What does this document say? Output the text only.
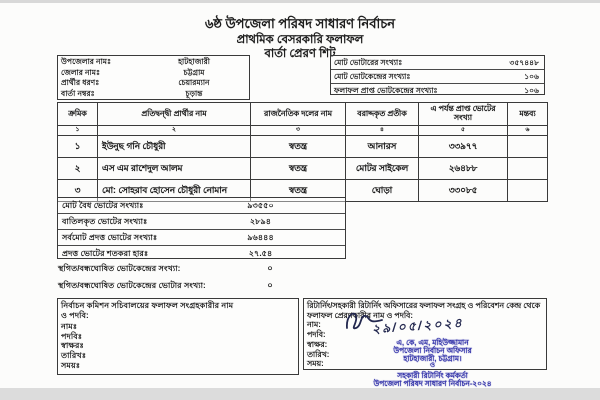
৬ষ্ঠ উপজেলা পরিষদ সাধারণ নির্বাচন
প্রাথমিক বেসরকারি ফলাফল
বার্তা প্রেরণ শিট
উপজেলার নামঃ	হাটহাজারী
জেলার নামঃ	চট্টগ্রাম
প্রার্থীর ধরণঃ	চেয়ারম্যান
বার্তা নম্বরঃ	চূড়ান্ত
মোট ভোটারের সংখ্যাঃ	৩৫৭৪৪৮
মোট ভোটকেন্দ্রের সংখ্যাঃ	১০৬
ফলাফল প্রাপ্ত ভোটকেন্দ্রের সংখ্যাঃ	১০৬
ক্রমিক	প্রতিদ্বন্দ্বী প্রার্থীর নাম	রাজনৈতিক দলের নাম	বরাদ্দকৃত প্রতীক	এ পর্যন্ত প্রাপ্ত ভোটের সংখ্যা	মন্তব্য
১	২	৩	৪	৫	৬
১	ইউনুছ গনি চৌধুরী	স্বতন্ত্র	আনারস	৩৩৯৭৭	
২	এস এম রাশেদুল আলম	স্বতন্ত্র	মোটর সাইকেল	২৬৪৮৮	
৩	মো: সোহরাব হোসেন চৌধুরী নোমান	স্বতন্ত্র	ঘোড়া	৩৩০৮৫	
মোট বৈধ ভোটের সংখ্যাঃ	৯৩৫৫০
বাতিলকৃত ভোটের সংখ্যাঃ	২৮৯৪
সর্বমোট প্রদত্ত ভোটের সংখ্যাঃ	৯৬৪৪৪
প্রদত্ত ভোটের শতকরা হারঃ	২৭.৫৪
স্থগিত/বন্ধঘোষিত ভোটকেন্দ্রের সংখ্যা:	০
স্থগিত/বন্ধঘোষিত ভোটকেন্দ্রের ভোটার সংখ্যা:	০
নির্বাচন কমিশন সচিবালয়ের ফলাফল সংগ্রহকারীর নাম ও পদবি:
নামঃ
পদবিঃ
স্বাক্ষরঃ
তারিখঃ
সময়ঃ
রিটার্নিং/সহকারী রিটার্নিং অফিসারের ফলাফল সংগ্রহ ও পরিবেশন কেন্দ্র থেকে ফলাফল প্রেরণকারীর নাম ও পদবি:
নাম:
পদবি:
স্বাক্ষর:
তারিখ:
সময়:
২৯/০৫/২০২৪
এ, কে, এম, মহিউজ্জামান
উপজেলা নির্বাচন অফিসার
হাটহাজারী, চট্টগ্রাম।
ও
সহকারী রিটার্নিং কর্মকর্তা
উপজেলা পরিষদ সাধারণ নির্বাচন-২০২৪
